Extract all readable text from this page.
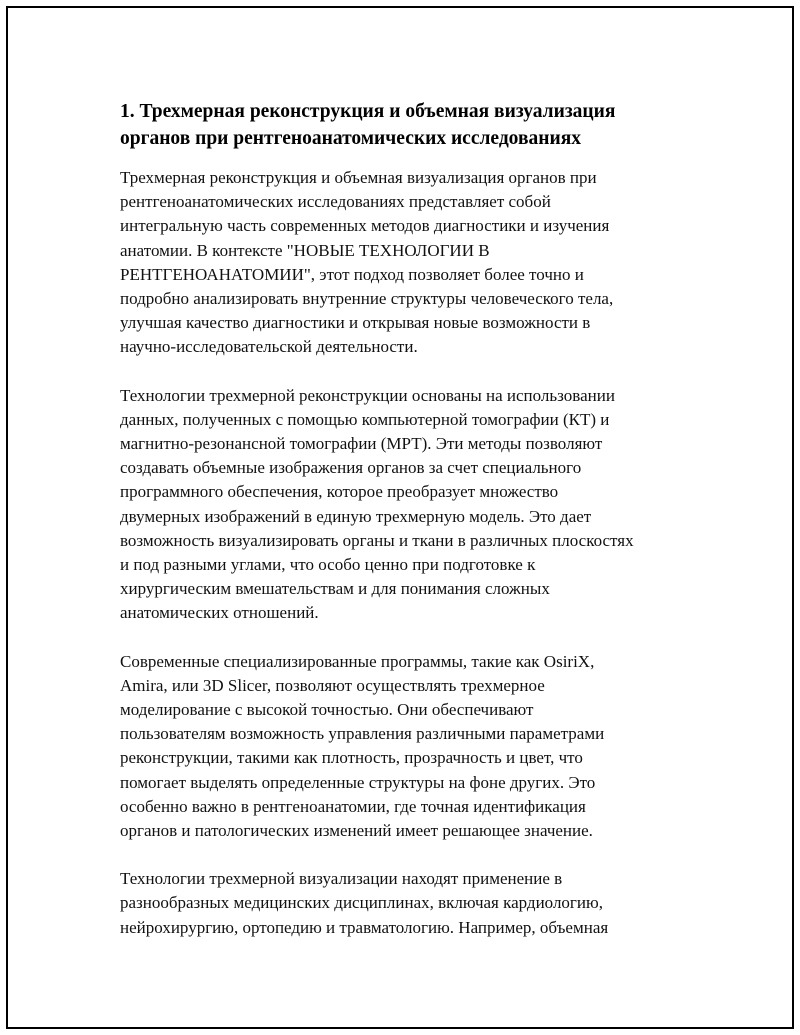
1. Трехмерная реконструкция и объемная визуализация
органов при рентгеноанатомических исследованиях

Трехмерная реконструкция и объемная визуализация органов при
рентгеноанатомических исследованиях представляет собой
интегральную часть современных методов диагностики и изучения
анатомии. В контексте "НОВЫЕ ТЕХНОЛОГИИ В
РЕНТГЕНОАНАТОМИИ", этот подход позволяет более точно и
подробно анализировать внутренние структуры человеческого тела,
улучшая качество диагностики и открывая новые возможности в
научно-исследовательской деятельности.

Технологии трехмерной реконструкции основаны на использовании
данных, полученных с помощью компьютерной томографии (КТ) и
магнитно-резонансной томографии (МРТ). Эти методы позволяют
создавать объемные изображения органов за счет специального
программного обеспечения, которое преобразует множество
двумерных изображений в единую трехмерную модель. Это дает
возможность визуализировать органы и ткани в различных плоскостях
и под разными углами, что особо ценно при подготовке к
хирургическим вмешательствам и для понимания сложных
анатомических отношений.

Современные специализированные программы, такие как OsiriX,
Amira, или 3D Slicer, позволяют осуществлять трехмерное
моделирование с высокой точностью. Они обеспечивают
пользователям возможность управления различными параметрами
реконструкции, такими как плотность, прозрачность и цвет, что
помогает выделять определенные структуры на фоне других. Это
особенно важно в рентгеноанатомии, где точная идентификация
органов и патологических изменений имеет решающее значение.

Технологии трехмерной визуализации находят применение в
разнообразных медицинских дисциплинах, включая кардиологию,
нейрохирургию, ортопедию и травматологию. Например, объемная
